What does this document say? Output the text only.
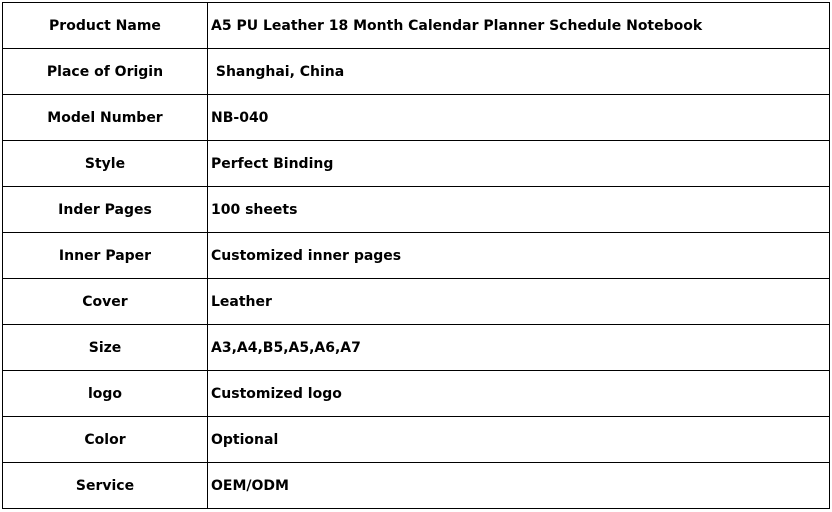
Product Name	A5 PU Leather 18 Month Calendar Planner Schedule Notebook
Place of Origin	Shanghai, China
Model Number	NB-040
Style	Perfect Binding
Inder Pages	100 sheets
Inner Paper	Customized inner pages
Cover	Leather
Size	A3,A4,B5,A5,A6,A7
logo	Customized logo
Color	Optional
Service	OEM/ODM
